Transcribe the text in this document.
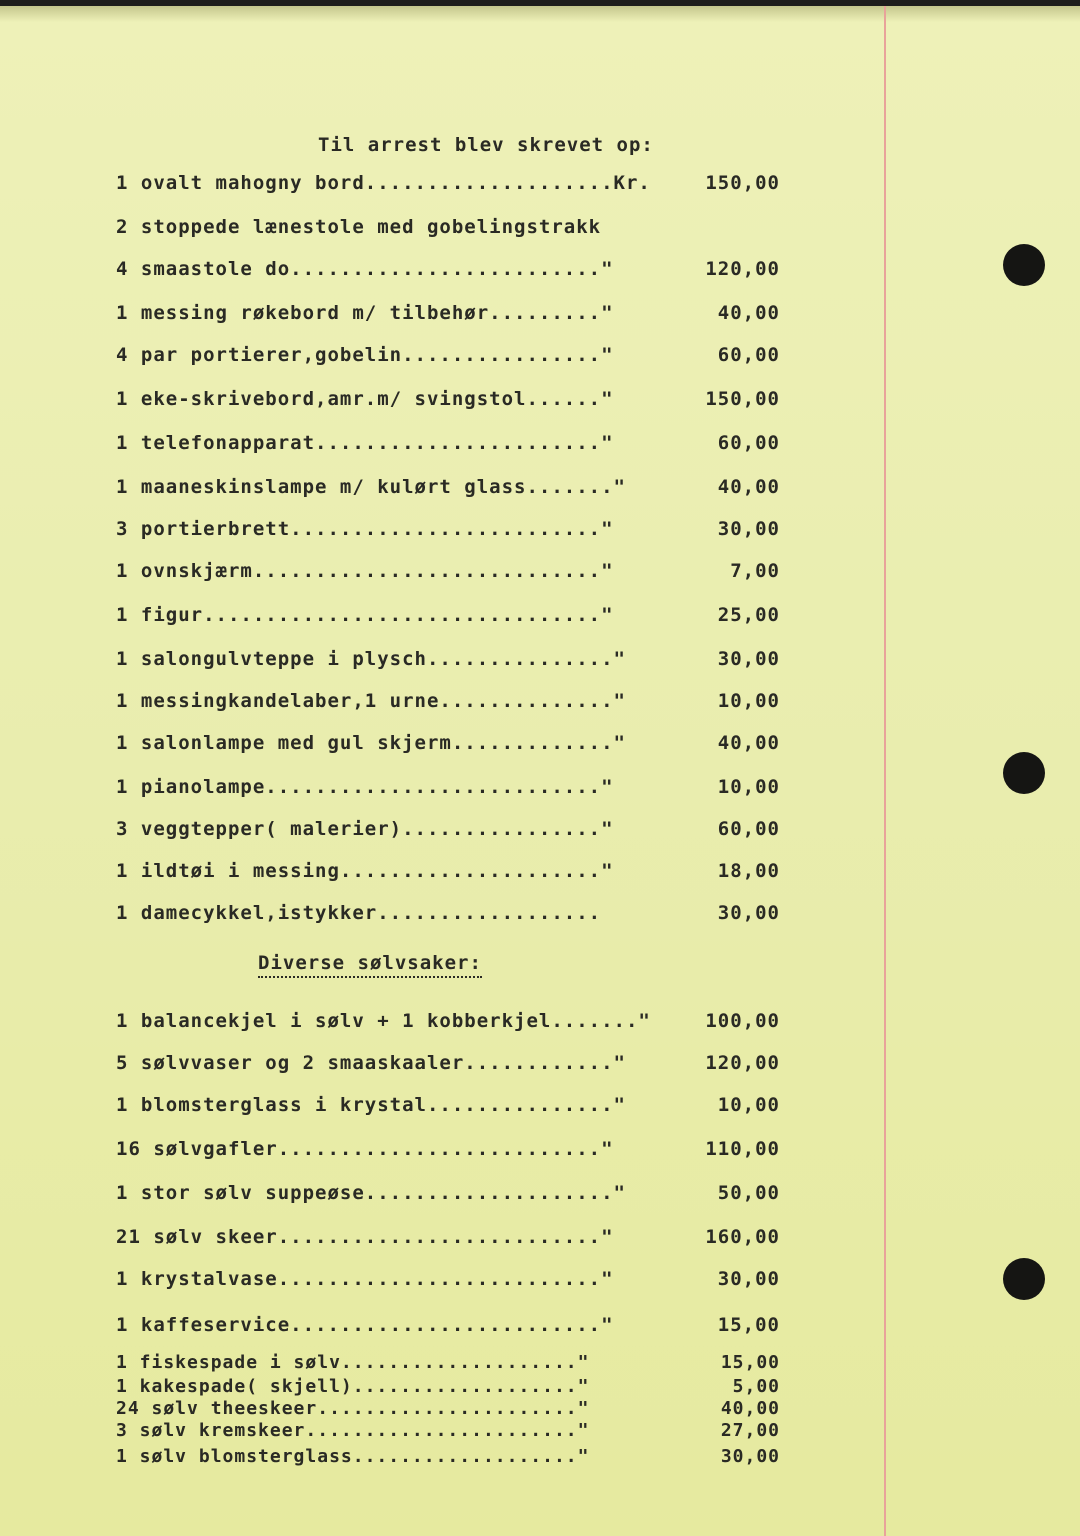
Til arrest blev skrevet op:
1 ovalt mahogny bord....................Kr.	150,00
2 stoppede lænestole med gobelingstrakk
4 smaastole do........................."	120,00
1 messing røkebord m/ tilbehør........."	40,00
4 par portierer,gobelin................"	60,00
1 eke-skrivebord,amr.m/ svingstol......"	150,00
1 telefonapparat......................."	60,00
1 maaneskinslampe m/ kulørt glass......."	40,00
3 portierbrett........................."	30,00
1 ovnskjærm............................"	7,00
1 figur................................"	25,00
1 salongulvteppe i plysch..............."	30,00
1 messingkandelaber,1 urne.............."	10,00
1 salonlampe med gul skjerm............."	40,00
1 pianolampe..........................."	10,00
3 veggtepper( malerier)................"	60,00
1 ildtøi i messing....................."	18,00
1 damecykkel,istykker..................	30,00
Diverse sølvsaker:
1 balancekjel i sølv + 1 kobberkjel......."	100,00
5 sølvvaser og 2 smaaskaaler............"	120,00
1 blomsterglass i krystal..............."	10,00
16 sølvgafler.........................."	110,00
1 stor sølv suppeøse...................."	50,00
21 sølv skeer.........................."	160,00
1 krystalvase.........................."	30,00
1 kaffeservice........................."	15,00
1 fiskespade i sølv...................."	15,00
1 kakespade( skjell)..................."	5,00
24 sølv theeskeer......................"	40,00
3 sølv kremskeer......................."	27,00
1 sølv blomsterglass..................."	30,00
